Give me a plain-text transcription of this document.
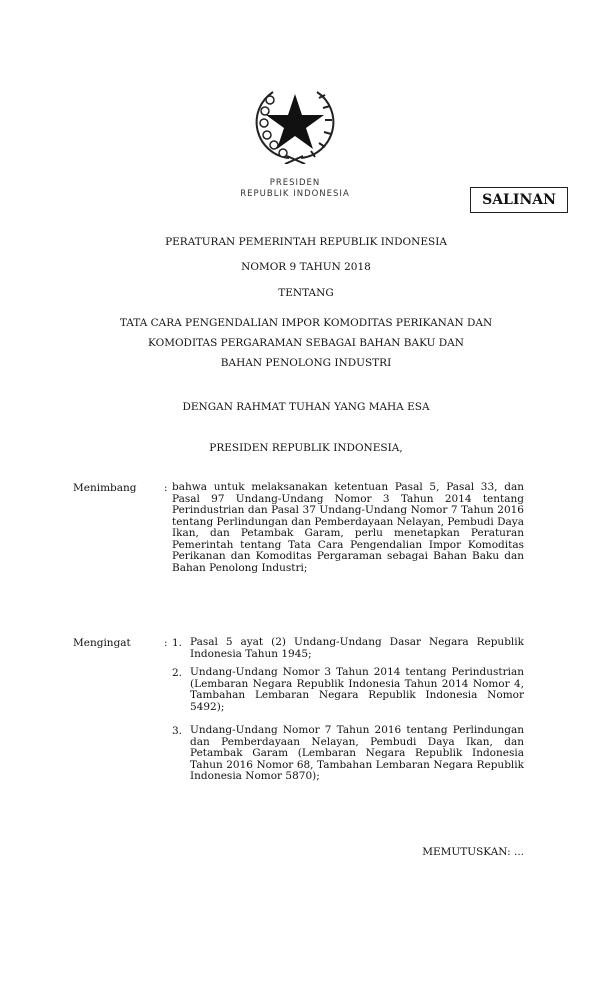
PRESIDEN
REPUBLIK INDONESIA	SALINAN
PERATURAN PEMERINTAH REPUBLIK INDONESIA
NOMOR 9 TAHUN 2018
TENTANG
TATA CARA PENGENDALIAN IMPOR KOMODITAS PERIKANAN DAN
KOMODITAS PERGARAMAN SEBAGAI BAHAN BAKU DAN
BAHAN PENOLONG INDUSTRI
DENGAN RAHMAT TUHAN YANG MAHA ESA
PRESIDEN REPUBLIK INDONESIA,
Menimbang	: bahwa untuk melaksanakan ketentuan Pasal 5, Pasal 33, dan Pasal 97 Undang-Undang Nomor 3 Tahun 2014 tentang Perindustrian dan Pasal 37 Undang-Undang Nomor 7 Tahun 2016 tentang Perlindungan dan Pemberdayaan Nelayan, Pembudi Daya Ikan, dan Petambak Garam, perlu menetapkan Peraturan Pemerintah tentang Tata Cara Pengendalian Impor Komoditas Perikanan dan Komoditas Pergaraman sebagai Bahan Baku dan Bahan Penolong Industri;
Mengingat	: 1. Pasal 5 ayat (2) Undang-Undang Dasar Negara Republik Indonesia Tahun 1945;
2. Undang-Undang Nomor 3 Tahun 2014 tentang Perindustrian (Lembaran Negara Republik Indonesia Tahun 2014 Nomor 4, Tambahan Lembaran Negara Republik Indonesia Nomor 5492);
3. Undang-Undang Nomor 7 Tahun 2016 tentang Perlindungan dan Pemberdayaan Nelayan, Pembudi Daya Ikan, dan Petambak Garam (Lembaran Negara Republik Indonesia Tahun 2016 Nomor 68, Tambahan Lembaran Negara Republik Indonesia Nomor 5870);
MEMUTUSKAN: ...
